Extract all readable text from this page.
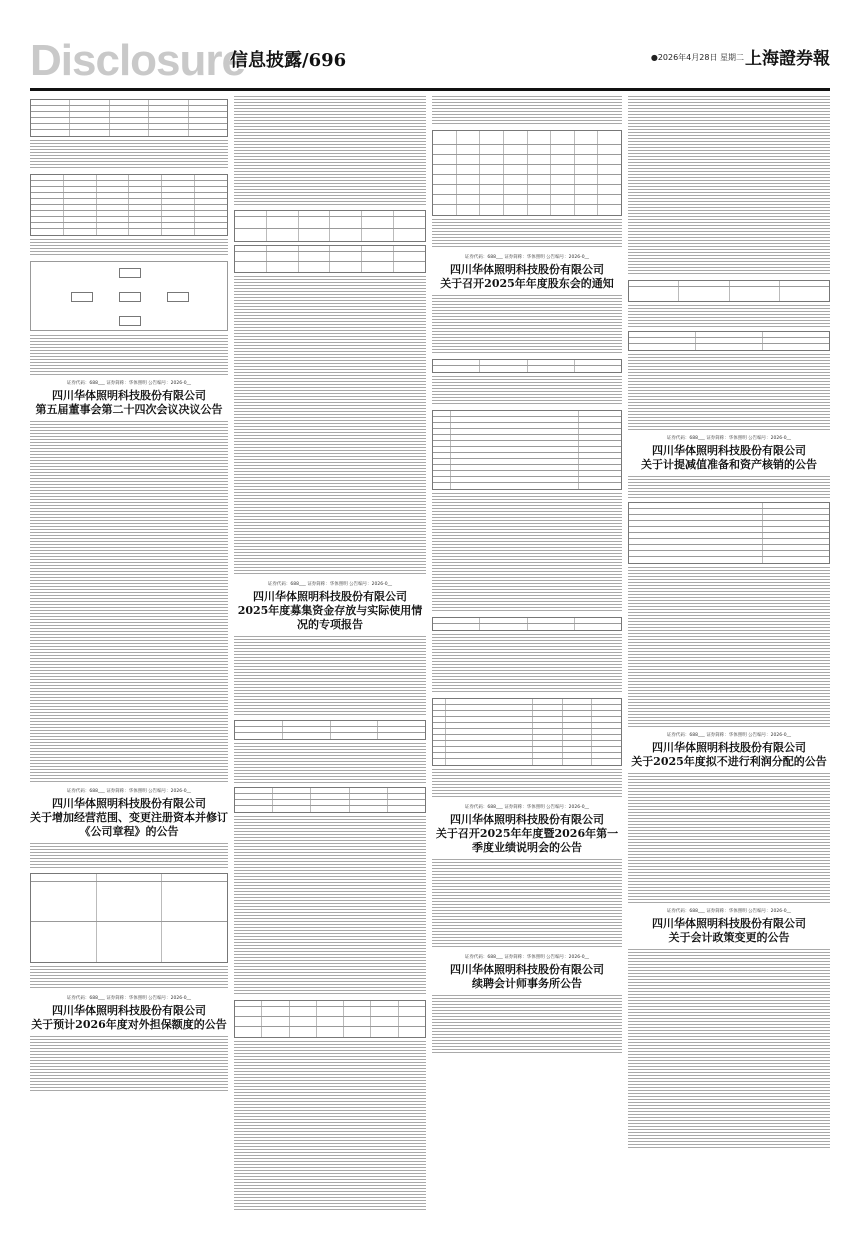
Disclosure
信息披露/696	●2026年4月28日 星期二 上海證券報
证券代码：688___ 证券简称：华体照明 公告编号：2026-0__
四川华体照明科技股份有限公司
第五届董事会第二十四次会议决议公告
证券代码：688___ 证券简称：华体照明 公告编号：2026-0__
四川华体照明科技股份有限公司
关于增加经营范围、变更注册资本并修订《公司章程》的公告
证券代码：688___ 证券简称：华体照明 公告编号：2026-0__
四川华体照明科技股份有限公司
关于预计2026年度对外担保额度的公告
证券代码：688___ 证券简称：华体照明 公告编号：2026-0__
四川华体照明科技股份有限公司
2025年度募集资金存放与实际使用情况的专项报告
证券代码：688___ 证券简称：华体照明 公告编号：2026-0__
四川华体照明科技股份有限公司
关于召开2025年年度股东会的通知
证券代码：688___ 证券简称：华体照明 公告编号：2026-0__
四川华体照明科技股份有限公司
关于召开2025年年度暨2026年第一季度业绩说明会的公告
证券代码：688___ 证券简称：华体照明 公告编号：2026-0__
四川华体照明科技股份有限公司
续聘会计师事务所公告
证券代码：688___ 证券简称：华体照明 公告编号：2026-0__
四川华体照明科技股份有限公司
关于计提减值准备和资产核销的公告
证券代码：688___ 证券简称：华体照明 公告编号：2026-0__
四川华体照明科技股份有限公司
关于2025年度拟不进行利润分配的公告
证券代码：688___ 证券简称：华体照明 公告编号：2026-0__
四川华体照明科技股份有限公司
关于会计政策变更的公告
